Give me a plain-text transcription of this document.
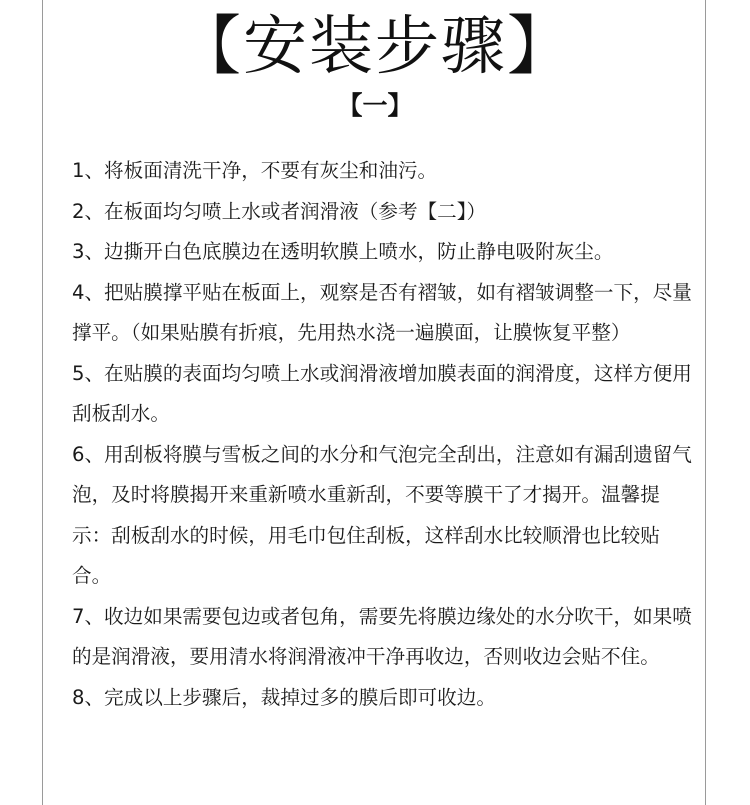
【安装步骤】
【一】
1、将板面清洗干净，不要有灰尘和油污。
2、在板面均匀喷上水或者润滑液（参考【二】）
3、边撕开白色底膜边在透明软膜上喷水，防止静电吸附灰尘。
4、把贴膜撑平贴在板面上，观察是否有褶皱，如有褶皱调整一下，尽量撑平。（如果贴膜有折痕，先用热水浇一遍膜面，让膜恢复平整）
5、在贴膜的表面均匀喷上水或润滑液增加膜表面的润滑度，这样方便用刮板刮水。
6、用刮板将膜与雪板之间的水分和气泡完全刮出，注意如有漏刮遗留气泡，及时将膜揭开来重新喷水重新刮，不要等膜干了才揭开。温馨提示：刮板刮水的时候，用毛巾包住刮板，这样刮水比较顺滑也比较贴合。
7、收边如果需要包边或者包角，需要先将膜边缘处的水分吹干，如果喷的是润滑液，要用清水将润滑液冲干净再收边，否则收边会贴不住。
8、完成以上步骤后，裁掉过多的膜后即可收边。
